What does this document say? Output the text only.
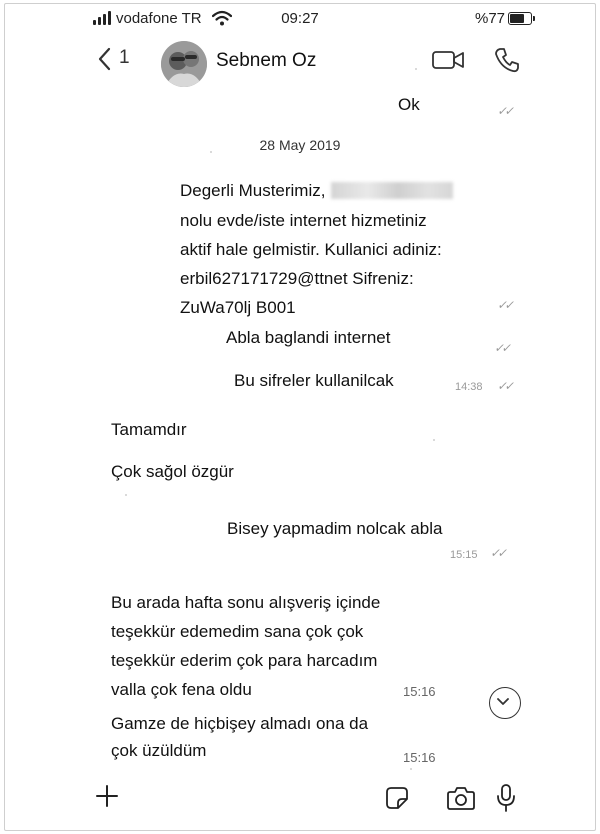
vodafone TR	09:27	%77
1	Sebnem Oz
Ok
	✓✓
28 May 2019
Degerli Musterimiz,
nolu evde/iste internet hizmetiniz
aktif hale gelmistir. Kullanici adiniz:
erbil627171729@ttnet Sifreniz:
ZuWa70lj B001	✓✓
Abla baglandi internet
✓✓
Bu sifreler kullanilcak	14:38 ✓✓
Tamamdır
Çok sağol özgür
Bisey yapmadim nolcak abla
15:15 ✓✓
Bu arada hafta sonu alışveriş içinde
teşekkür edemedim sana çok çok
teşekkür ederim çok para harcadım
valla çok fena oldu	15:16
Gamze de hiçbişey almadı ona da
çok üzüldüm	15:16
